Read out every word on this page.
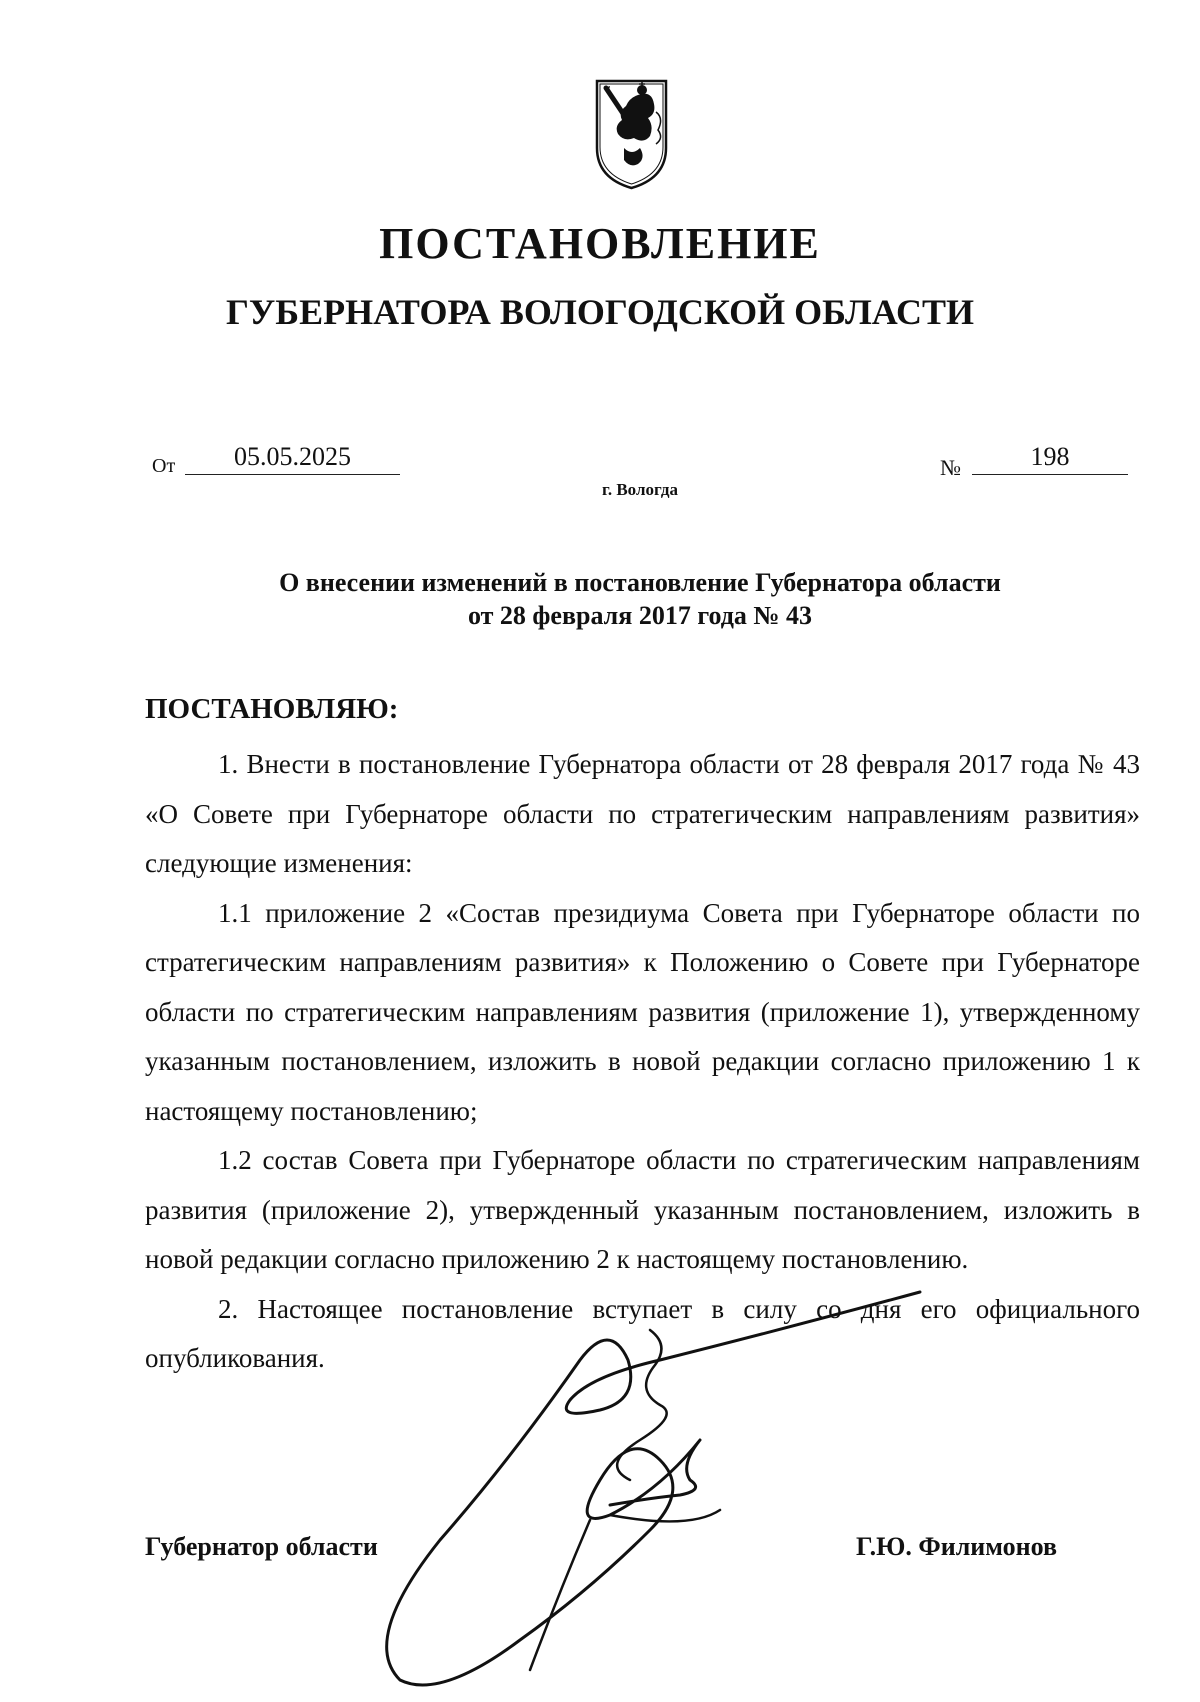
ПОСТАНОВЛЕНИЕ
ГУБЕРНАТОРА ВОЛОГОДСКОЙ ОБЛАСТИ
От	05.05.2025	№	198
г. Вологда
О внесении изменений в постановление Губернатора области
от 28 февраля 2017 года № 43
ПОСТАНОВЛЯЮ:

1. Внести в постановление Губернатора области от 28 февраля 2017 года № 43 «О Совете при Губернаторе области по стратегическим направлениям развития» следующие изменения:

1.1 приложение 2 «Состав президиума Совета при Губернаторе области по стратегическим направлениям развития» к Положению о Совете при Губернаторе области по стратегическим направлениям развития (приложение 1), утвержденному указанным постановлением, изложить в новой редакции согласно приложению 1 к настоящему постановлению;

1.2 состав Совета при Губернаторе области по стратегическим направлениям развития (приложение 2), утвержденный указанным постановлением, изложить в новой редакции согласно приложению 2 к настоящему постановлению.

2. Настоящее постановление вступает в силу со дня его официального опубликования.

Губернатор области	Г.Ю. Филимонов
